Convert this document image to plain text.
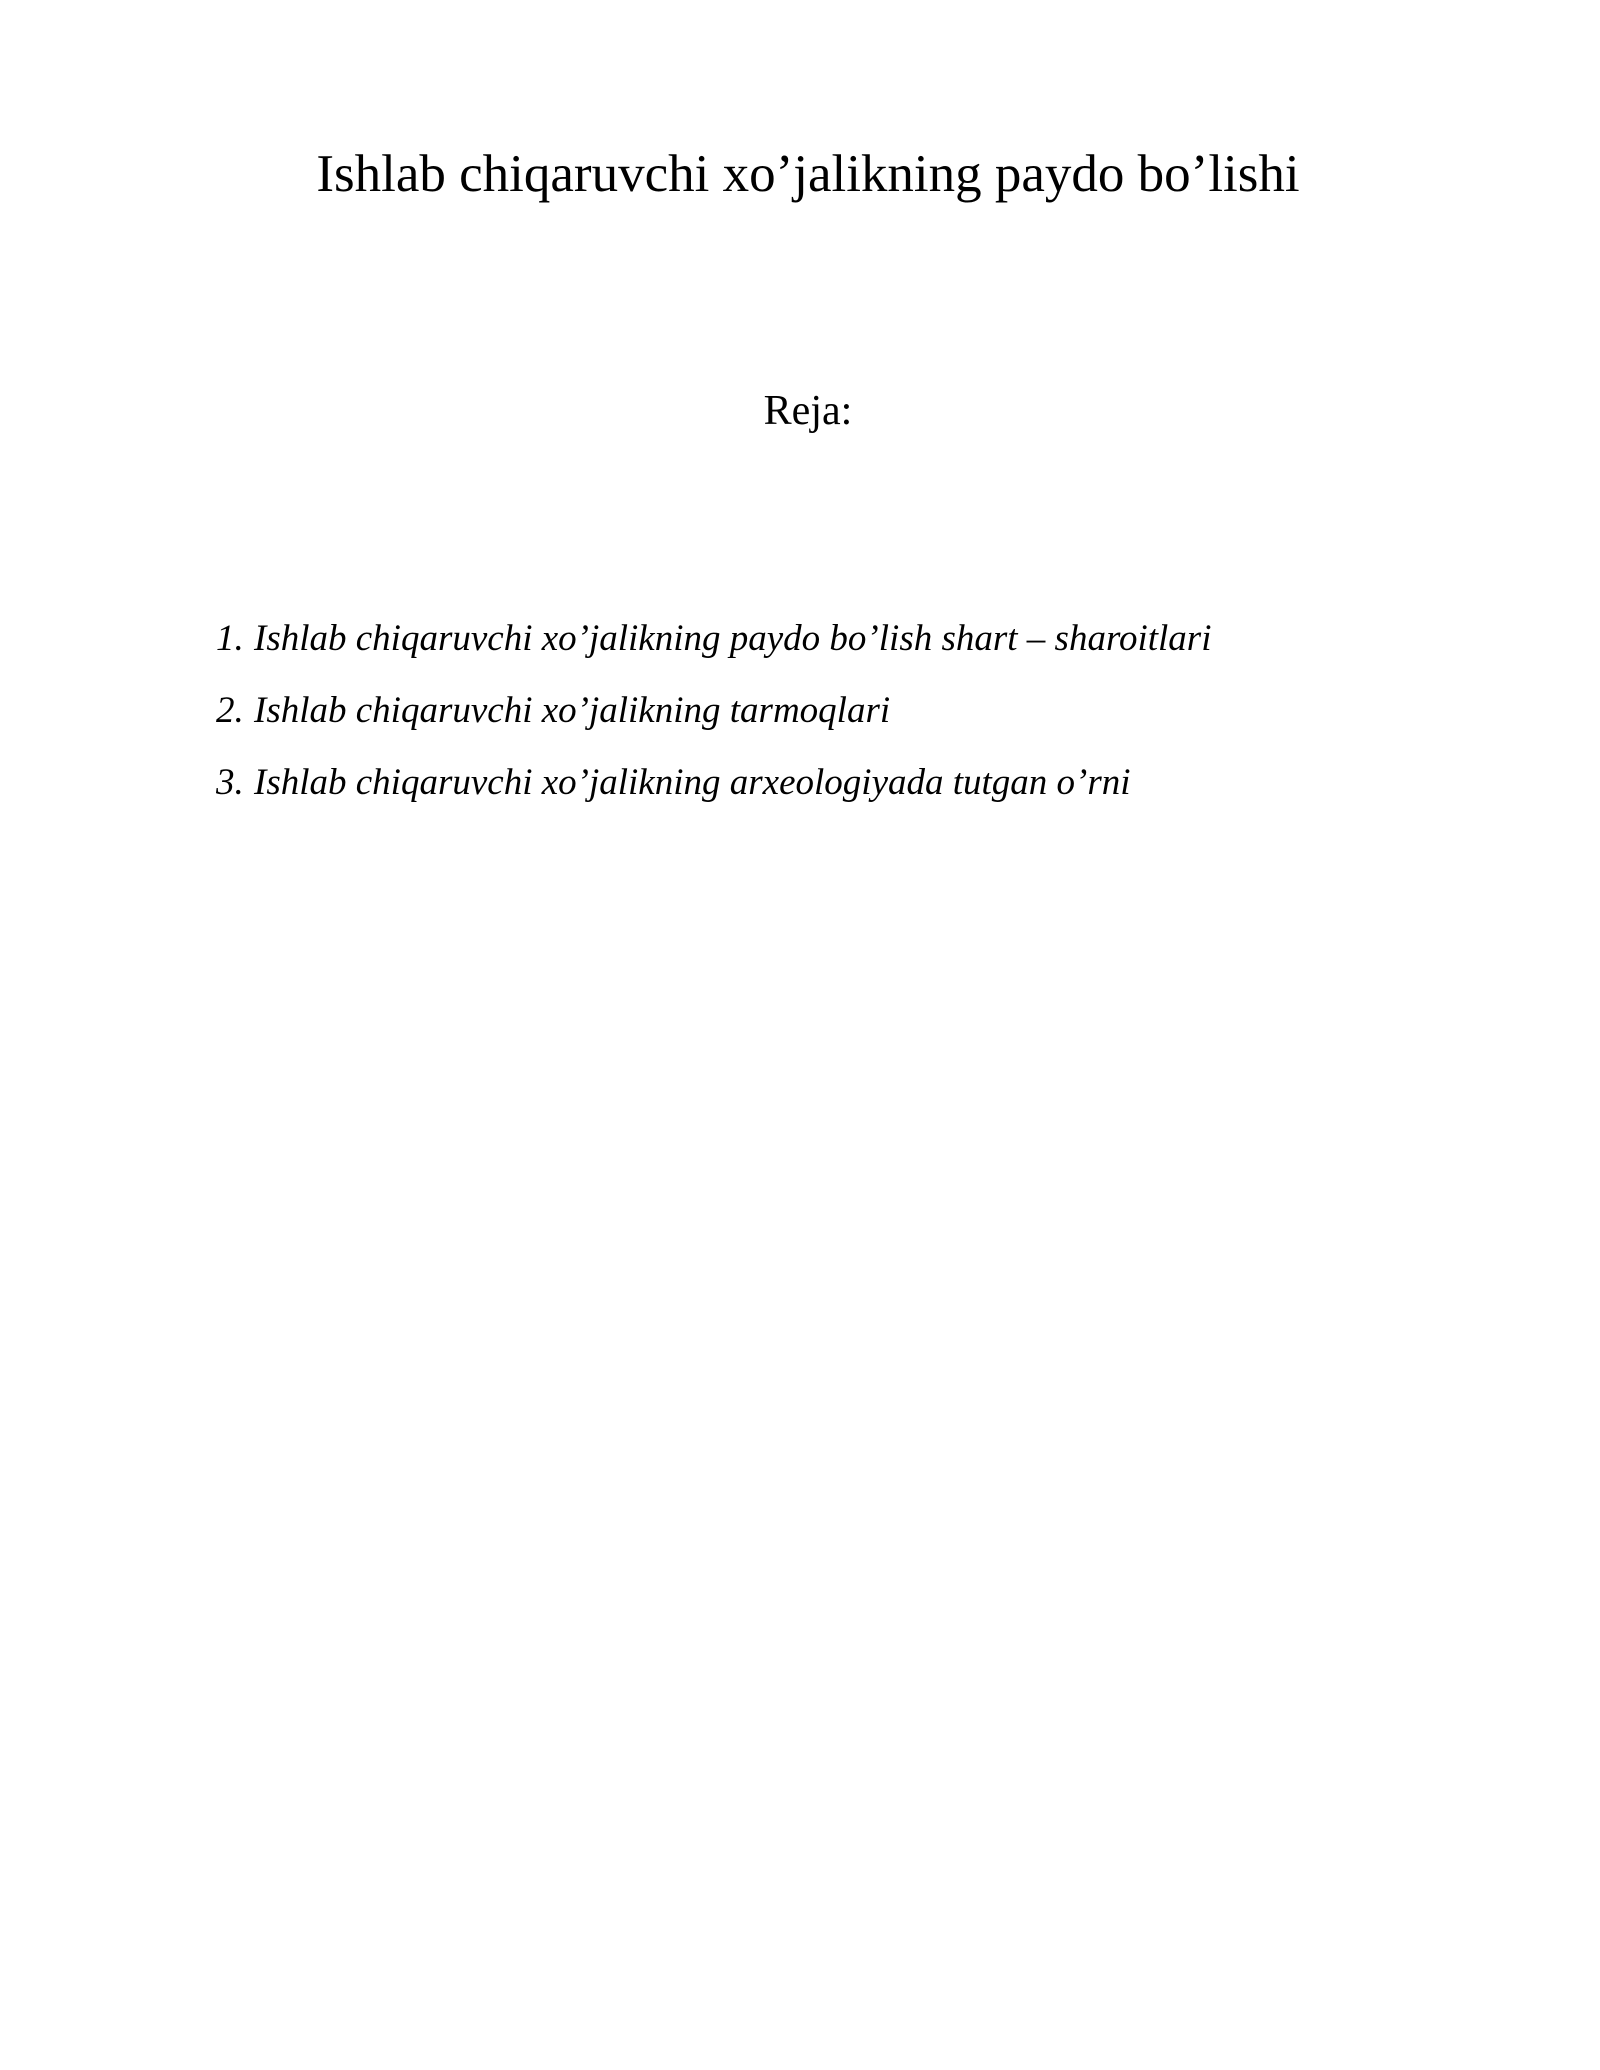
Ishlab chiqaruvchi xo’jalikning paydo bo’lishi
Reja:
1. Ishlab chiqaruvchi xo’jalikning paydo bo’lish shart – sharoitlari
2. Ishlab chiqaruvchi xo’jalikning tarmoqlari
3. Ishlab chiqaruvchi xo’jalikning arxeologiyada tutgan o’rni
